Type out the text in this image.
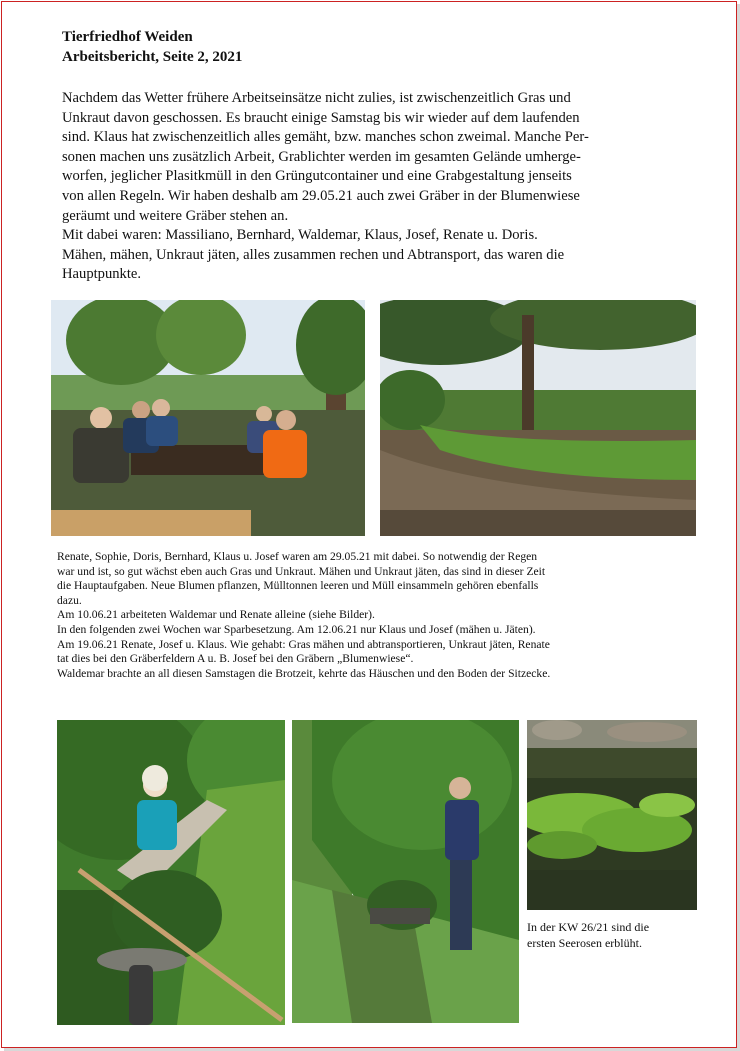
Tierfriedhof Weiden
Arbeitsbericht, Seite 2, 2021

Nachdem das Wetter frühere Arbeitseinsätze nicht zulies, ist zwischenzeitlich Gras und

Unkraut davon geschossen. Es braucht einige Samstag bis wir wieder auf dem laufenden

sind. Klaus hat zwischenzeitlich alles gemäht, bzw. manches schon zweimal. Manche Per-

sonen machen uns zusätzlich Arbeit, Grablichter werden im gesamten Gelände umherge-

worfen, jeglicher Plasitkmüll in den Grüngutcontainer und eine Grabgestaltung jenseits

von allen Regeln. Wir haben deshalb am 29.05.21 auch zwei Gräber in der Blumenwiese

geräumt und weitere Gräber stehen an.

Mit dabei waren: Massiliano, Bernhard, Waldemar, Klaus, Josef, Renate u. Doris.

Mähen, mähen, Unkraut jäten, alles zusammen rechen und Abtransport, das waren die

Hauptpunkte.

Renate, Sophie, Doris, Bernhard, Klaus u. Josef waren am 29.05.21 mit dabei. So notwendig der Regen

war und ist, so gut wächst eben auch Gras und Unkraut. Mähen und Unkraut jäten, das sind in dieser Zeit

die Hauptaufgaben. Neue Blumen pflanzen, Mülltonnen leeren und Müll einsammeln gehören ebenfalls

dazu.

Am 10.06.21 arbeiteten Waldemar und Renate alleine (siehe Bilder).

In den folgenden zwei Wochen war Sparbesetzung. Am 12.06.21 nur Klaus und Josef (mähen u. Jäten).

Am 19.06.21 Renate, Josef u. Klaus. Wie gehabt: Gras mähen und abtransportieren, Unkraut jäten, Renate

tat dies bei den Gräberfeldern A u. B. Josef bei den Gräbern „Blumenwiese“.

Waldemar brachte an all diesen Samstagen die Brotzeit, kehrte das Häuschen und den Boden der Sitzecke.

In der KW 26/21 sind die
ersten Seerosen erblüht.
